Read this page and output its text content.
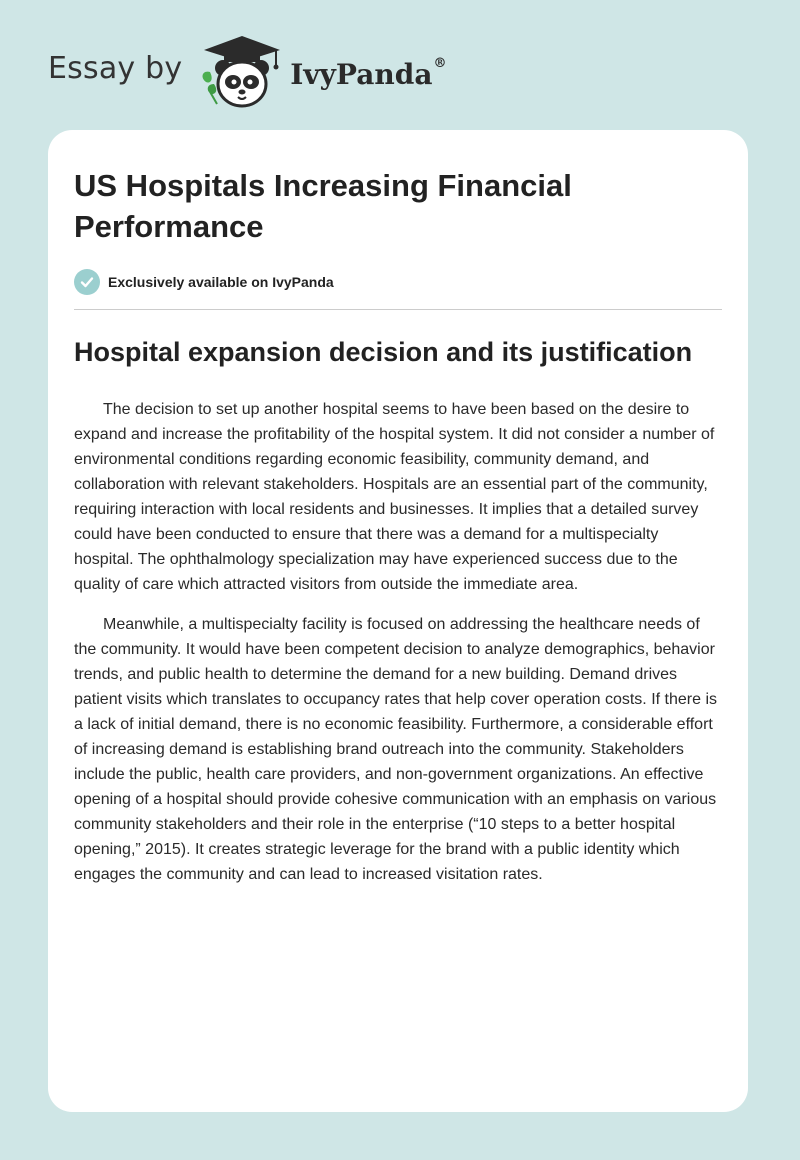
Essay by	IvyPanda®
US Hospitals Increasing Financial Performance
Exclusively available on IvyPanda
Hospital expansion decision and its justification

The decision to set up another hospital seems to have been based on the desire to expand and increase the profitability of the hospital system. It did not consider a number of environmental conditions regarding economic feasibility, community demand, and collaboration with relevant stakeholders. Hospitals are an essential part of the community, requiring interaction with local residents and businesses. It implies that a detailed survey could have been conducted to ensure that there was a demand for a multispecialty hospital. The ophthalmology specialization may have experienced success due to the quality of care which attracted visitors from outside the immediate area.

Meanwhile, a multispecialty facility is focused on addressing the healthcare needs of the community. It would have been competent decision to analyze demographics, behavior trends, and public health to determine the demand for a new building. Demand drives patient visits which translates to occupancy rates that help cover operation costs. If there is a lack of initial demand, there is no economic feasibility. Furthermore, a considerable effort of increasing demand is establishing brand outreach into the community. Stakeholders include the public, health care providers, and non-government organizations. An effective opening of a hospital should provide cohesive communication with an emphasis on various community stakeholders and their role in the enterprise (“10 steps to a better hospital opening,” 2015). It creates strategic leverage for the brand with a public identity which engages the community and can lead to increased visitation rates.
